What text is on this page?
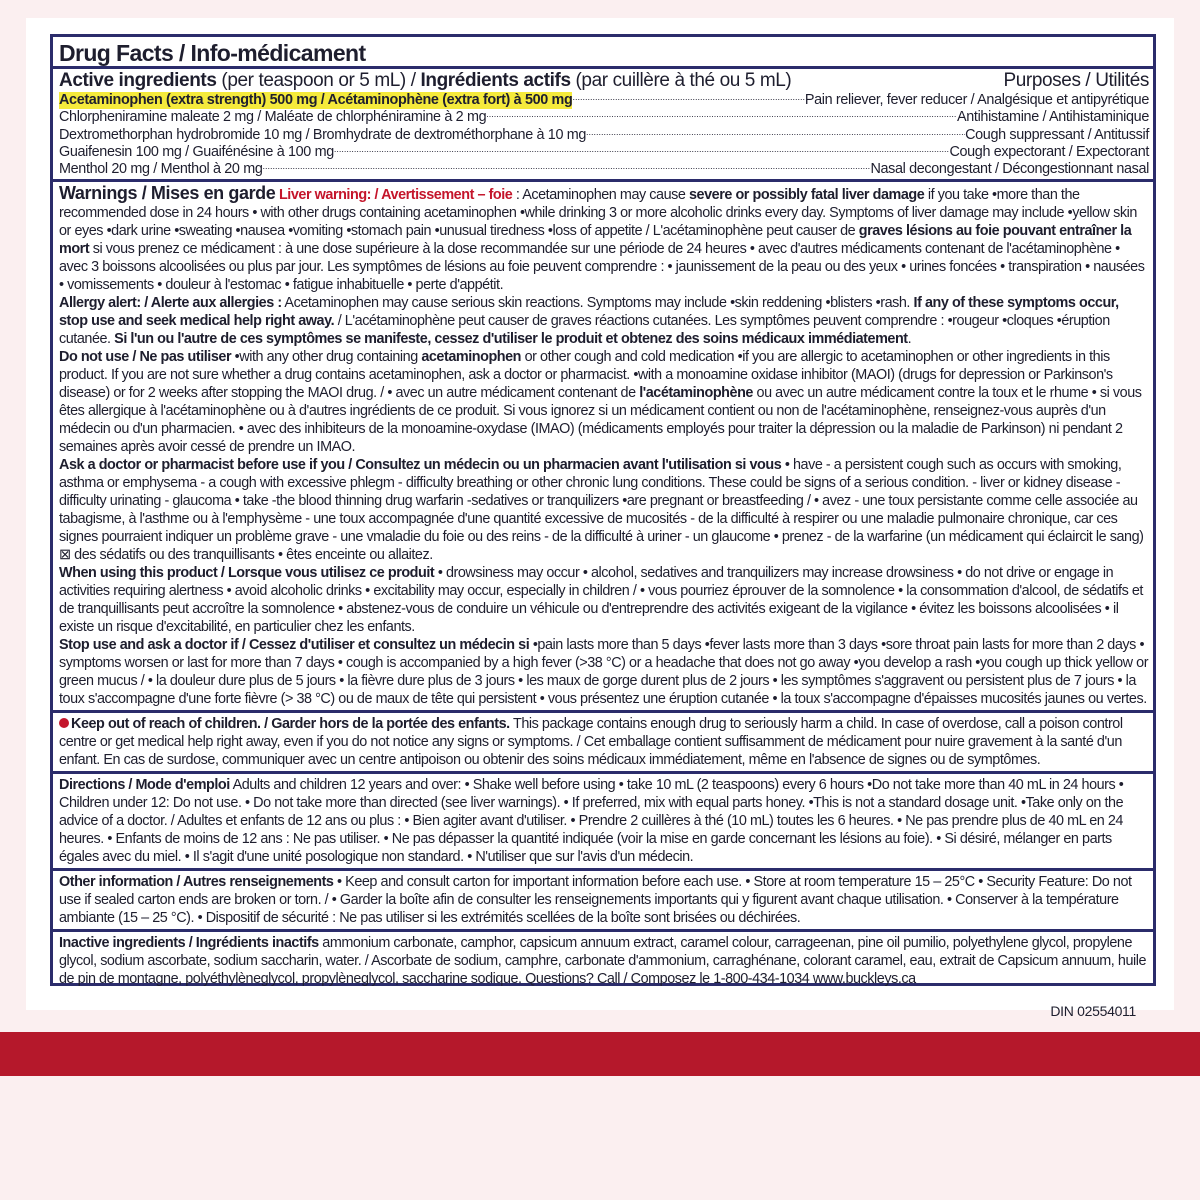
Drug Facts / Info-médicament
Active ingredients (per teaspoon or 5 mL) / Ingrédients actifs (par cuillère à thé ou 5 mL)	Purposes / Utilités
Acetaminophen (extra strength) 500 mg / Acétaminophène (extra fort) à 500 mg .....	Pain reliever, fever reducer / Analgésique et antipyrétique
Chlorpheniramine maleate 2 mg / Maléate de chlorphéniramine à 2 mg .....	Antihistamine / Antihistaminique
Dextromethorphan hydrobromide 10 mg / Bromhydrate de dextrométhorphane à 10 mg .....	Cough suppressant / Antitussif
Guaifenesin 100 mg / Guaifénésine à 100 mg .....	Cough expectorant / Expectorant
Menthol 20 mg / Menthol à 20 mg .....	Nasal decongestant / Décongestionnant nasal
Warnings / Mises en garde Liver warning: / Avertissement – foie : Acetaminophen may cause severe or possibly fatal liver damage if you take •more than the recommended dose in 24 hours • with other drugs containing acetaminophen •while drinking 3 or more alcoholic drinks every day. Symptoms of liver damage may include •yellow skin or eyes •dark urine •sweating •nausea •vomiting •stomach pain •unusual tiredness •loss of appetite / L'acétaminophène peut causer de graves lésions au foie pouvant entraîner la mort si vous prenez ce médicament : à une dose supérieure à la dose recommandée sur une période de 24 heures • avec d'autres médicaments contenant de l'acétaminophène • avec 3 boissons alcoolisées ou plus par jour. Les symptômes de lésions au foie peuvent comprendre : • jaunissement de la peau ou des yeux • urines foncées • transpiration • nausées • vomissements • douleur à l'estomac • fatigue inhabituelle • perte d'appétit.
Allergy alert: / Alerte aux allergies : Acetaminophen may cause serious skin reactions. Symptoms may include •skin reddening •blisters •rash. If any of these symptoms occur, stop use and seek medical help right away. / L'acétaminophène peut causer de graves réactions cutanées. Les symptômes peuvent comprendre : •rougeur •cloques •éruption cutanée. Si l'un ou l'autre de ces symptômes se manifeste, cessez d'utiliser le produit et obtenez des soins médicaux immédiatement.
Do not use / Ne pas utiliser •with any other drug containing acetaminophen or other cough and cold medication •if you are allergic to acetaminophen or other ingredients in this product. If you are not sure whether a drug contains acetaminophen, ask a doctor or pharmacist. •with a monoamine oxidase inhibitor (MAOI) (drugs for depression or Parkinson's disease) or for 2 weeks after stopping the MAOI drug. / • avec un autre médicament contenant de l'acétaminophène ou avec un autre médicament contre la toux et le rhume • si vous êtes allergique à l'acétaminophène ou à d'autres ingrédients de ce produit. Si vous ignorez si un médicament contient ou non de l'acétaminophène, renseignez-vous auprès d'un médecin ou d'un pharmacien. • avec des inhibiteurs de la monoamine-oxydase (IMAO) (médicaments employés pour traiter la dépression ou la maladie de Parkinson) ni pendant 2 semaines après avoir cessé de prendre un IMAO.
Ask a doctor or pharmacist before use if you / Consultez un médecin ou un pharmacien avant l'utilisation si vous • have - a persistent cough such as occurs with smoking, asthma or emphysema - a cough with excessive phlegm - difficulty breathing or other chronic lung conditions. These could be signs of a serious condition. - liver or kidney disease - difficulty urinating - glaucoma • take -the blood thinning drug warfarin -sedatives or tranquilizers •are pregnant or breastfeeding / • avez - une toux persistante comme celle associée au tabagisme, à l'asthme ou à l'emphysème - une toux accompagnée d'une quantité excessive de mucosités - de la difficulté à respirer ou une maladie pulmonaire chronique, car ces signes pourraient indiquer un problème grave - une vmaladie du foie ou des reins - de la difficulté à uriner - un glaucome • prenez - de la warfarine (un médicament qui éclaircit le sang) ⊠ des sédatifs ou des tranquillisants • êtes enceinte ou allaitez.
When using this product / Lorsque vous utilisez ce produit • drowsiness may occur • alcohol, sedatives and tranquilizers may increase drowsiness • do not drive or engage in activities requiring alertness • avoid alcoholic drinks • excitability may occur, especially in children / • vous pourriez éprouver de la somnolence • la consommation d'alcool, de sédatifs et de tranquillisants peut accroître la somnolence • abstenez-vous de conduire un véhicule ou d'entreprendre des activités exigeant de la vigilance • évitez les boissons alcoolisées • il existe un risque d'excitabilité, en particulier chez les enfants.
Stop use and ask a doctor if / Cessez d'utiliser et consultez un médecin si •pain lasts more than 5 days •fever lasts more than 3 days •sore throat pain lasts for more than 2 days • symptoms worsen or last for more than 7 days • cough is accompanied by a high fever (>38 °C) or a headache that does not go away •you develop a rash •you cough up thick yellow or green mucus / • la douleur dure plus de 5 jours • la fièvre dure plus de 3 jours • les maux de gorge durent plus de 2 jours • les symptômes s'aggravent ou persistent plus de 7 jours • la toux s'accompagne d'une forte fièvre (> 38 °C) ou de maux de tête qui persistent • vous présentez une éruption cutanée • la toux s'accompagne d'épaisses mucosités jaunes ou vertes.
Keep out of reach of children. / Garder hors de la portée des enfants. This package contains enough drug to seriously harm a child. In case of overdose, call a poison control centre or get medical help right away, even if you do not notice any signs or symptoms. / Cet emballage contient suffisamment de médicament pour nuire gravement à la santé d'un enfant. En cas de surdose, communiquer avec un centre antipoison ou obtenir des soins médicaux immédiatement, même en l'absence de signes ou de symptômes.
Directions / Mode d'emploi Adults and children 12 years and over: • Shake well before using • take 10 mL (2 teaspoons) every 6 hours •Do not take more than 40 mL in 24 hours • Children under 12: Do not use. • Do not take more than directed (see liver warnings). • If preferred, mix with equal parts honey. •This is not a standard dosage unit. •Take only on the advice of a doctor. / Adultes et enfants de 12 ans ou plus : • Bien agiter avant d'utiliser. • Prendre 2 cuillères à thé (10 mL) toutes les 6 heures. • Ne pas prendre plus de 40 mL en 24 heures. • Enfants de moins de 12 ans : Ne pas utiliser. • Ne pas dépasser la quantité indiquée (voir la mise en garde concernant les lésions au foie). • Si désiré, mélanger en parts égales avec du miel. • Il s'agit d'une unité posologique non standard. • N'utiliser que sur l'avis d'un médecin.
Other information / Autres renseignements • Keep and consult carton for important information before each use. • Store at room temperature 15 – 25°C • Security Feature: Do not use if sealed carton ends are broken or torn. / • Garder la boîte afin de consulter les renseignements importants qui y figurent avant chaque utilisation. • Conserver à la température ambiante (15 – 25 °C). • Dispositif de sécurité : Ne pas utiliser si les extrémités scellées de la boîte sont brisées ou déchirées.
Inactive ingredients / Ingrédients inactifs ammonium carbonate, camphor, capsicum annuum extract, caramel colour, carrageenan, pine oil pumilio, polyethylene glycol, propylene glycol, sodium ascorbate, sodium saccharin, water. / Ascorbate de sodium, camphre, carbonate d'ammonium, carraghénane, colorant caramel, eau, extrait de Capsicum annuum, huile de pin de montagne, polyéthylèneglycol, propylèneglycol, saccharine sodique. Questions? Call / Composez le 1-800-434-1034 www.buckleys.ca
DIN 02554011
